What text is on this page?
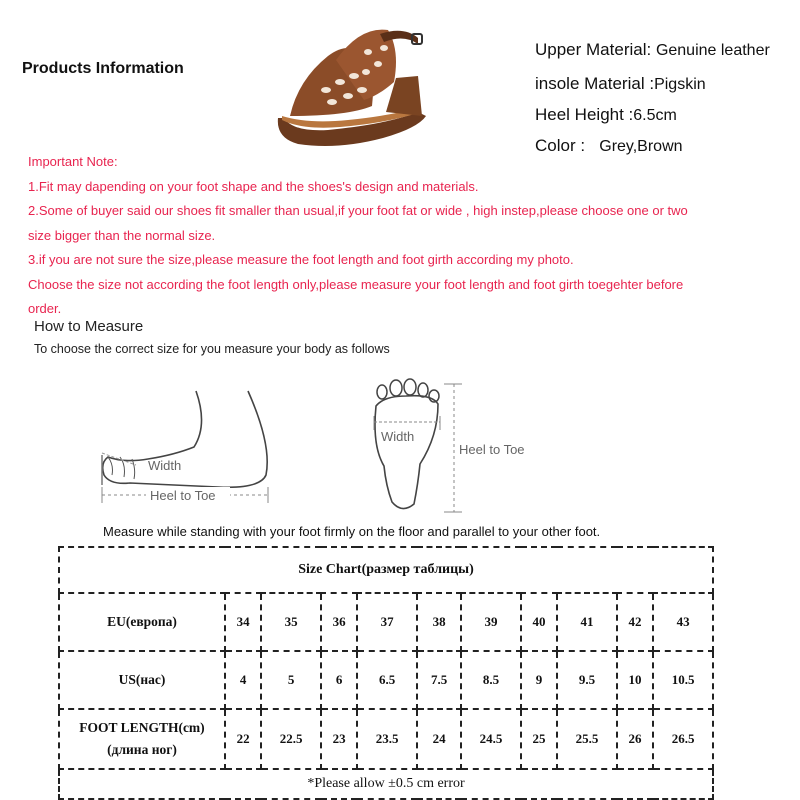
Products Information
Upper Material: Genuine leather
insole Material :Pigskin
Heel Height :6.5cm
Color :   Grey,Brown
Important Note:
1.Fit may dapending on your foot shape and the shoes's design and materials.
2.Some of buyer said our shoes fit smaller than usual,if your foot fat or wide , high instep,please choose one or two
size bigger than the normal size.
3.if you are not sure the size,please measure the foot length and foot girth according my photo.
Choose the size not according the foot length only,please measure your foot length and foot girth toegehter before
order.
How to Measure
To choose the correct size for you measure your body as follows
Width
Heel to Toe
Width
Heel to Toe
Measure while standing with your foot firmly on the floor and parallel to your other foot.
Size Chart(размер таблицы)										
EU(европа)	34	35	36	37	38	39	40	41	42	43
US(нас)	4	5	6	6.5	7.5	8.5	9	9.5	10	10.5

FOOT LENGTH(cm)
(длина ног)	22	22.5	23	23.5	24	24.5	25	25.5	26	26.5
*Please allow ±0.5 cm error										
